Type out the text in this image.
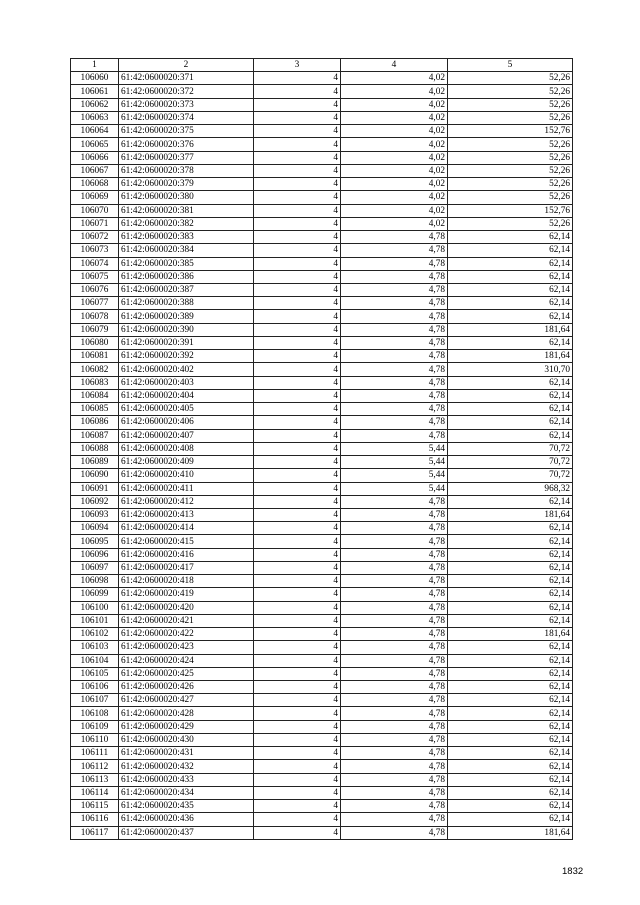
1	2	3	4	5
106060	61:42:0600020:371	4	4,02	52,26
106061	61:42:0600020:372	4	4,02	52,26
106062	61:42:0600020:373	4	4,02	52,26
106063	61:42:0600020:374	4	4,02	52,26
106064	61:42:0600020:375	4	4,02	152,76
106065	61:42:0600020:376	4	4,02	52,26
106066	61:42:0600020:377	4	4,02	52,26
106067	61:42:0600020:378	4	4,02	52,26
106068	61:42:0600020:379	4	4,02	52,26
106069	61:42:0600020:380	4	4,02	52,26
106070	61:42:0600020:381	4	4,02	152,76
106071	61:42:0600020:382	4	4,02	52,26
106072	61:42:0600020:383	4	4,78	62,14
106073	61:42:0600020:384	4	4,78	62,14
106074	61:42:0600020:385	4	4,78	62,14
106075	61:42:0600020:386	4	4,78	62,14
106076	61:42:0600020:387	4	4,78	62,14
106077	61:42:0600020:388	4	4,78	62,14
106078	61:42:0600020:389	4	4,78	62,14
106079	61:42:0600020:390	4	4,78	181,64
106080	61:42:0600020:391	4	4,78	62,14
106081	61:42:0600020:392	4	4,78	181,64
106082	61:42:0600020:402	4	4,78	310,70
106083	61:42:0600020:403	4	4,78	62,14
106084	61:42:0600020:404	4	4,78	62,14
106085	61:42:0600020:405	4	4,78	62,14
106086	61:42:0600020:406	4	4,78	62,14
106087	61:42:0600020:407	4	4,78	62,14
106088	61:42:0600020:408	4	5,44	70,72
106089	61:42:0600020:409	4	5,44	70,72
106090	61:42:0600020:410	4	5,44	70,72
106091	61:42:0600020:411	4	5,44	968,32
106092	61:42:0600020:412	4	4,78	62,14
106093	61:42:0600020:413	4	4,78	181,64
106094	61:42:0600020:414	4	4,78	62,14
106095	61:42:0600020:415	4	4,78	62,14
106096	61:42:0600020:416	4	4,78	62,14
106097	61:42:0600020:417	4	4,78	62,14
106098	61:42:0600020:418	4	4,78	62,14
106099	61:42:0600020:419	4	4,78	62,14
106100	61:42:0600020:420	4	4,78	62,14
106101	61:42:0600020:421	4	4,78	62,14
106102	61:42:0600020:422	4	4,78	181,64
106103	61:42:0600020:423	4	4,78	62,14
106104	61:42:0600020:424	4	4,78	62,14
106105	61:42:0600020:425	4	4,78	62,14
106106	61:42:0600020:426	4	4,78	62,14
106107	61:42:0600020:427	4	4,78	62,14
106108	61:42:0600020:428	4	4,78	62,14
106109	61:42:0600020:429	4	4,78	62,14
106110	61:42:0600020:430	4	4,78	62,14
106111	61:42:0600020:431	4	4,78	62,14
106112	61:42:0600020:432	4	4,78	62,14
106113	61:42:0600020:433	4	4,78	62,14
106114	61:42:0600020:434	4	4,78	62,14
106115	61:42:0600020:435	4	4,78	62,14
106116	61:42:0600020:436	4	4,78	62,14
106117	61:42:0600020:437	4	4,78	181,64
1832
